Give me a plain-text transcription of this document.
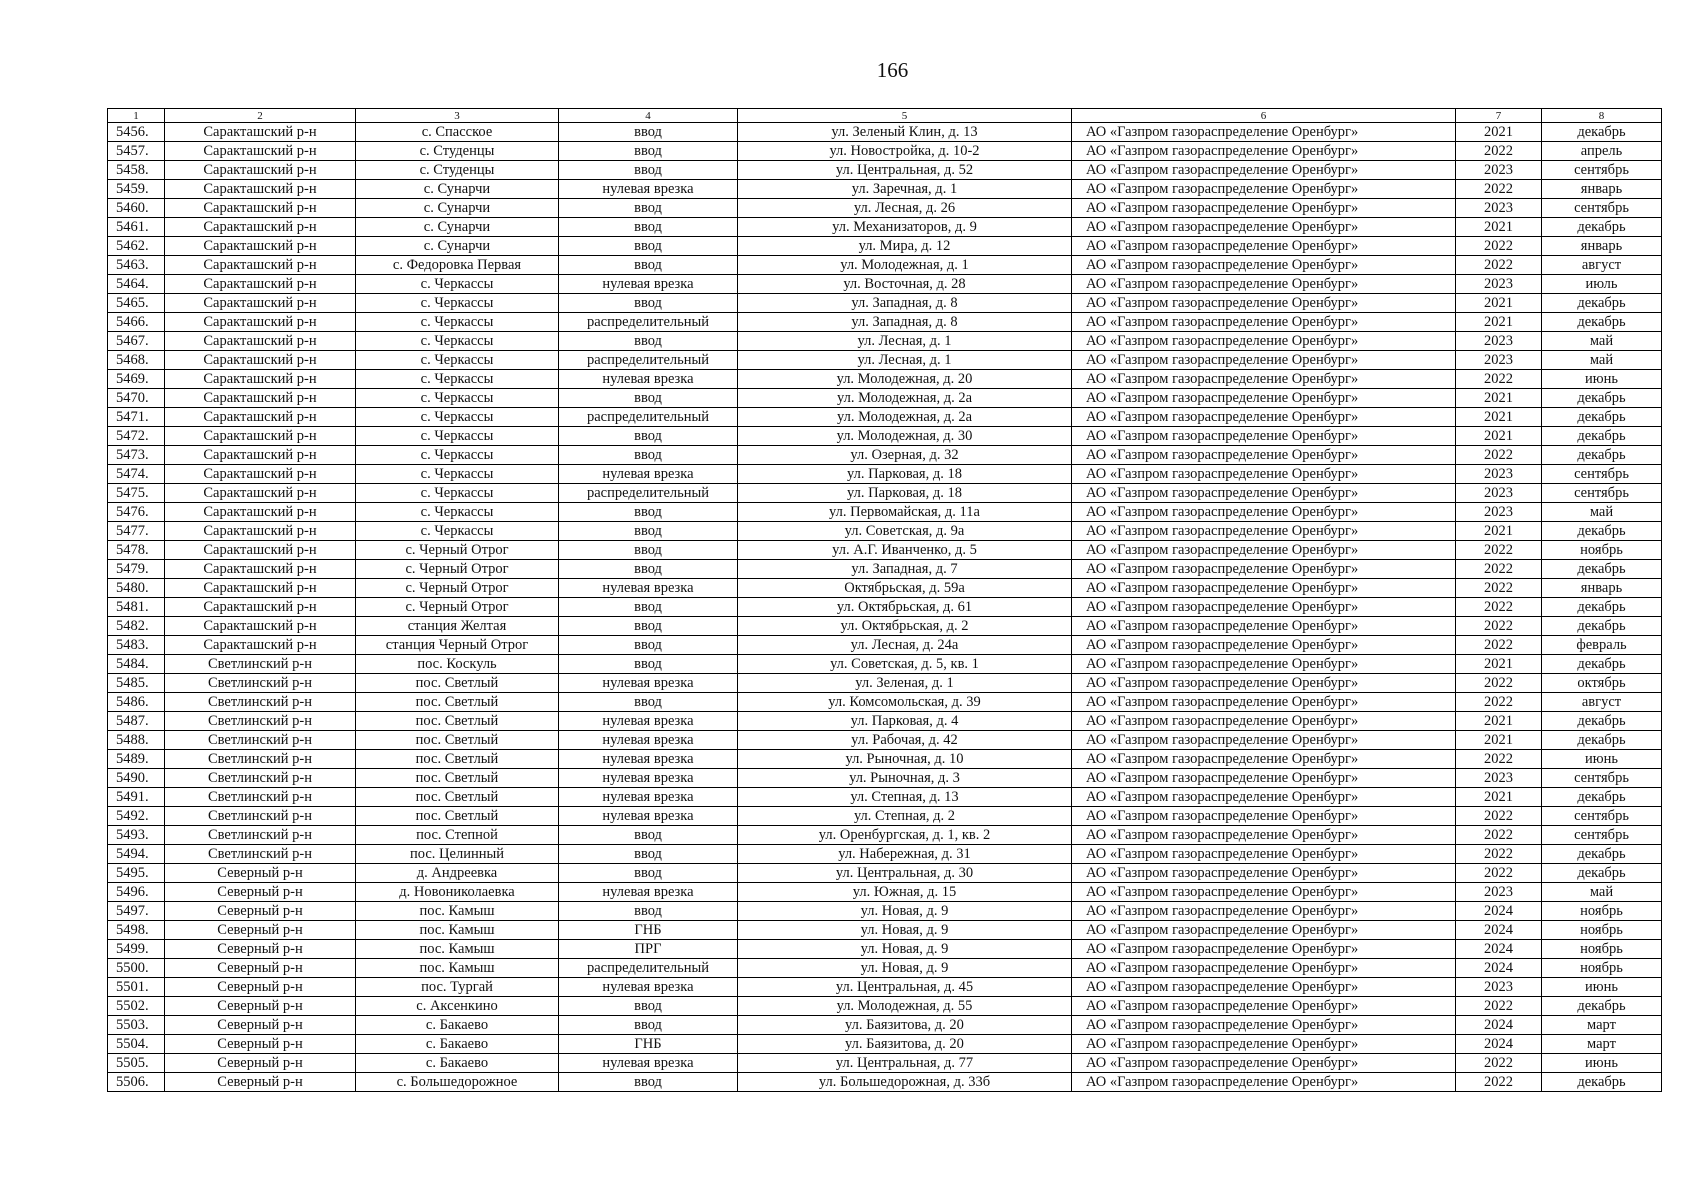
166
1	2	3	4	5	6	7	8
5456.	Саракташский р-н	с. Спасское	ввод	ул. Зеленый Клин, д. 13	АО «Газпром газораспределение Оренбург»	2021	декабрь
5457.	Саракташский р-н	с. Студенцы	ввод	ул. Новостройка, д. 10-2	АО «Газпром газораспределение Оренбург»	2022	апрель
5458.	Саракташский р-н	с. Студенцы	ввод	ул. Центральная, д. 52	АО «Газпром газораспределение Оренбург»	2023	сентябрь
5459.	Саракташский р-н	с. Сунарчи	нулевая врезка	ул. Заречная, д. 1	АО «Газпром газораспределение Оренбург»	2022	январь
5460.	Саракташский р-н	с. Сунарчи	ввод	ул. Лесная, д. 26	АО «Газпром газораспределение Оренбург»	2023	сентябрь
5461.	Саракташский р-н	с. Сунарчи	ввод	ул. Механизаторов, д. 9	АО «Газпром газораспределение Оренбург»	2021	декабрь
5462.	Саракташский р-н	с. Сунарчи	ввод	ул. Мира, д. 12	АО «Газпром газораспределение Оренбург»	2022	январь
5463.	Саракташский р-н	с. Федоровка Первая	ввод	ул. Молодежная, д. 1	АО «Газпром газораспределение Оренбург»	2022	август
5464.	Саракташский р-н	с. Черкассы	нулевая врезка	ул. Восточная, д. 28	АО «Газпром газораспределение Оренбург»	2023	июль
5465.	Саракташский р-н	с. Черкассы	ввод	ул. Западная, д. 8	АО «Газпром газораспределение Оренбург»	2021	декабрь
5466.	Саракташский р-н	с. Черкассы	распределительный	ул. Западная, д. 8	АО «Газпром газораспределение Оренбург»	2021	декабрь
5467.	Саракташский р-н	с. Черкассы	ввод	ул. Лесная, д. 1	АО «Газпром газораспределение Оренбург»	2023	май
5468.	Саракташский р-н	с. Черкассы	распределительный	ул. Лесная, д. 1	АО «Газпром газораспределение Оренбург»	2023	май
5469.	Саракташский р-н	с. Черкассы	нулевая врезка	ул. Молодежная, д. 20	АО «Газпром газораспределение Оренбург»	2022	июнь
5470.	Саракташский р-н	с. Черкассы	ввод	ул. Молодежная, д. 2а	АО «Газпром газораспределение Оренбург»	2021	декабрь
5471.	Саракташский р-н	с. Черкассы	распределительный	ул. Молодежная, д. 2а	АО «Газпром газораспределение Оренбург»	2021	декабрь
5472.	Саракташский р-н	с. Черкассы	ввод	ул. Молодежная, д. 30	АО «Газпром газораспределение Оренбург»	2021	декабрь
5473.	Саракташский р-н	с. Черкассы	ввод	ул. Озерная, д. 32	АО «Газпром газораспределение Оренбург»	2022	декабрь
5474.	Саракташский р-н	с. Черкассы	нулевая врезка	ул. Парковая, д. 18	АО «Газпром газораспределение Оренбург»	2023	сентябрь
5475.	Саракташский р-н	с. Черкассы	распределительный	ул. Парковая, д. 18	АО «Газпром газораспределение Оренбург»	2023	сентябрь
5476.	Саракташский р-н	с. Черкассы	ввод	ул. Первомайская, д. 11а	АО «Газпром газораспределение Оренбург»	2023	май
5477.	Саракташский р-н	с. Черкассы	ввод	ул. Советская, д. 9а	АО «Газпром газораспределение Оренбург»	2021	декабрь
5478.	Саракташский р-н	с. Черный Отрог	ввод	ул. А.Г. Иванченко, д. 5	АО «Газпром газораспределение Оренбург»	2022	ноябрь
5479.	Саракташский р-н	с. Черный Отрог	ввод	ул. Западная, д. 7	АО «Газпром газораспределение Оренбург»	2022	декабрь
5480.	Саракташский р-н	с. Черный Отрог	нулевая врезка	Октябрьская, д. 59а	АО «Газпром газораспределение Оренбург»	2022	январь
5481.	Саракташский р-н	с. Черный Отрог	ввод	ул. Октябрьская, д. 61	АО «Газпром газораспределение Оренбург»	2022	декабрь
5482.	Саракташский р-н	станция Желтая	ввод	ул. Октябрьская, д. 2	АО «Газпром газораспределение Оренбург»	2022	декабрь
5483.	Саракташский р-н	станция Черный Отрог	ввод	ул. Лесная, д. 24а	АО «Газпром газораспределение Оренбург»	2022	февраль
5484.	Светлинский р-н	пос. Коскуль	ввод	ул. Советская, д. 5, кв. 1	АО «Газпром газораспределение Оренбург»	2021	декабрь
5485.	Светлинский р-н	пос. Светлый	нулевая врезка	ул. Зеленая, д. 1	АО «Газпром газораспределение Оренбург»	2022	октябрь
5486.	Светлинский р-н	пос. Светлый	ввод	ул. Комсомольская, д. 39	АО «Газпром газораспределение Оренбург»	2022	август
5487.	Светлинский р-н	пос. Светлый	нулевая врезка	ул. Парковая, д. 4	АО «Газпром газораспределение Оренбург»	2021	декабрь
5488.	Светлинский р-н	пос. Светлый	нулевая врезка	ул. Рабочая, д. 42	АО «Газпром газораспределение Оренбург»	2021	декабрь
5489.	Светлинский р-н	пос. Светлый	нулевая врезка	ул. Рыночная, д. 10	АО «Газпром газораспределение Оренбург»	2022	июнь
5490.	Светлинский р-н	пос. Светлый	нулевая врезка	ул. Рыночная, д. 3	АО «Газпром газораспределение Оренбург»	2023	сентябрь
5491.	Светлинский р-н	пос. Светлый	нулевая врезка	ул. Степная, д. 13	АО «Газпром газораспределение Оренбург»	2021	декабрь
5492.	Светлинский р-н	пос. Светлый	нулевая врезка	ул. Степная, д. 2	АО «Газпром газораспределение Оренбург»	2022	сентябрь
5493.	Светлинский р-н	пос. Степной	ввод	ул. Оренбургская, д. 1, кв. 2	АО «Газпром газораспределение Оренбург»	2022	сентябрь
5494.	Светлинский р-н	пос. Целинный	ввод	ул. Набережная, д. 31	АО «Газпром газораспределение Оренбург»	2022	декабрь
5495.	Северный р-н	д. Андреевка	ввод	ул. Центральная, д. 30	АО «Газпром газораспределение Оренбург»	2022	декабрь
5496.	Северный р-н	д. Новониколаевка	нулевая врезка	ул. Южная, д. 15	АО «Газпром газораспределение Оренбург»	2023	май
5497.	Северный р-н	пос. Камыш	ввод	ул. Новая, д. 9	АО «Газпром газораспределение Оренбург»	2024	ноябрь
5498.	Северный р-н	пос. Камыш	ГНБ	ул. Новая, д. 9	АО «Газпром газораспределение Оренбург»	2024	ноябрь
5499.	Северный р-н	пос. Камыш	ПРГ	ул. Новая, д. 9	АО «Газпром газораспределение Оренбург»	2024	ноябрь
5500.	Северный р-н	пос. Камыш	распределительный	ул. Новая, д. 9	АО «Газпром газораспределение Оренбург»	2024	ноябрь
5501.	Северный р-н	пос. Тургай	нулевая врезка	ул. Центральная, д. 45	АО «Газпром газораспределение Оренбург»	2023	июнь
5502.	Северный р-н	с. Аксенкино	ввод	ул. Молодежная, д. 55	АО «Газпром газораспределение Оренбург»	2022	декабрь
5503.	Северный р-н	с. Бакаево	ввод	ул. Баязитова, д. 20	АО «Газпром газораспределение Оренбург»	2024	март
5504.	Северный р-н	с. Бакаево	ГНБ	ул. Баязитова, д. 20	АО «Газпром газораспределение Оренбург»	2024	март
5505.	Северный р-н	с. Бакаево	нулевая врезка	ул. Центральная, д. 77	АО «Газпром газораспределение Оренбург»	2022	июнь
5506.	Северный р-н	с. Большедорожное	ввод	ул. Большедорожная, д. 33б	АО «Газпром газораспределение Оренбург»	2022	декабрь
